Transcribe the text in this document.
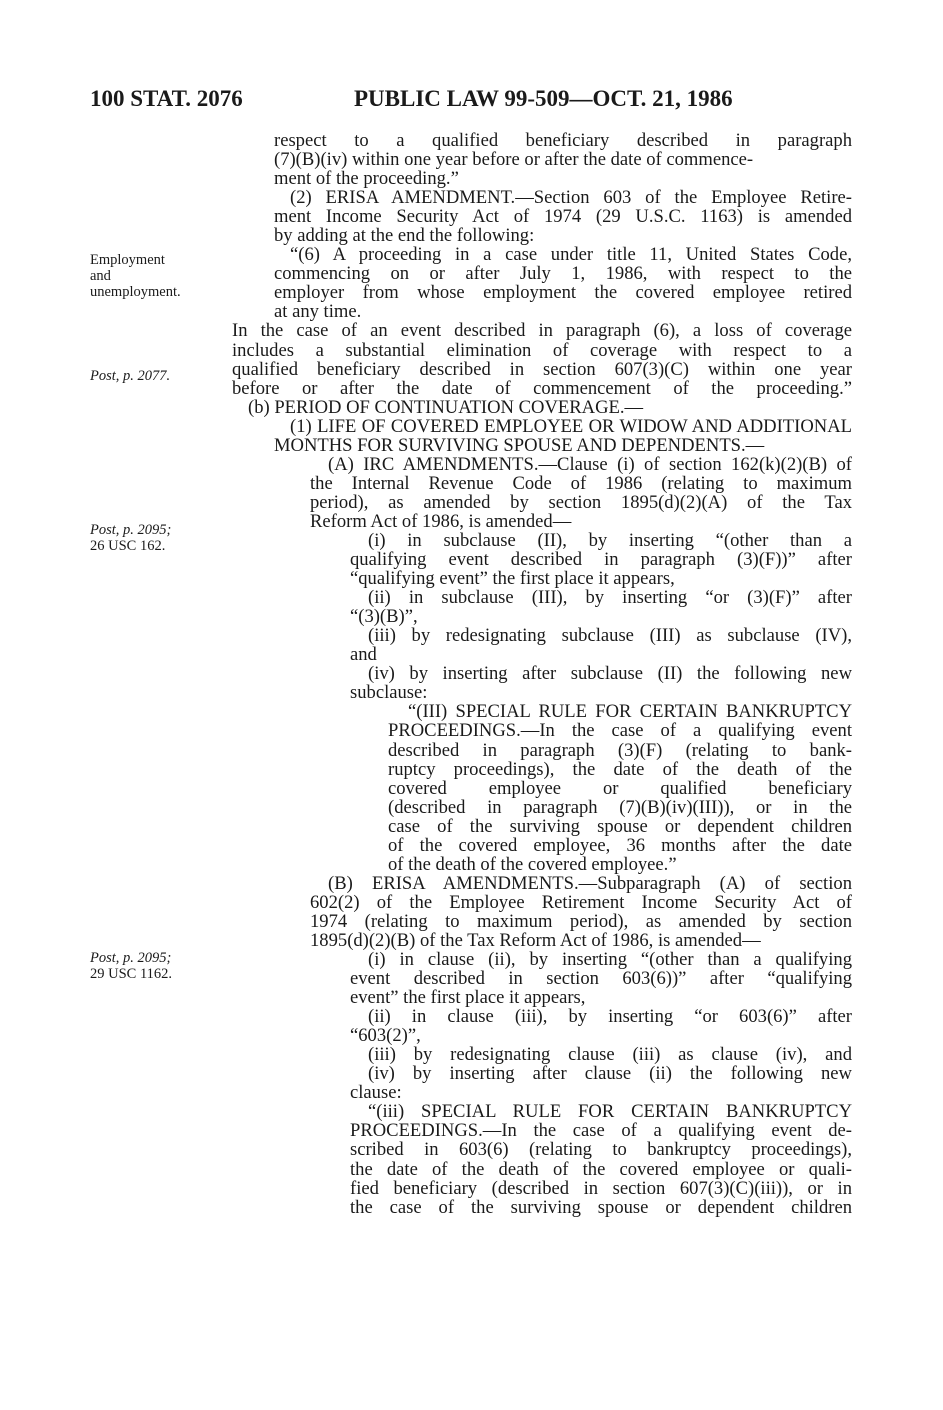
100 STAT. 2076	PUBLIC LAW 99-509—OCT. 21, 1986
Employment
and
unemployment.
Post, p. 2077.
Post, p. 2095;
26 USC 162.
Post, p. 2095;
29 USC 1162.
respect to a qualified beneficiary described in paragraph
(7)(B)(iv) within one year before or after the date of commence-
ment of the proceeding.”
(2) ERISA AMENDMENT.—Section 603 of the Employee Retire-
ment Income Security Act of 1974 (29 U.S.C. 1163) is amended
by adding at the end the following:
“(6) A proceeding in a case under title 11, United States Code,
commencing on or after July 1, 1986, with respect to the
employer from whose employment the covered employee retired
at any time.
In the case of an event described in paragraph (6), a loss of coverage
includes a substantial elimination of coverage with respect to a
qualified beneficiary described in section 607(3)(C) within one year
before or after the date of commencement of the proceeding.”
(b) PERIOD OF CONTINUATION COVERAGE.—
(1) LIFE OF COVERED EMPLOYEE OR WIDOW AND ADDITIONAL
MONTHS FOR SURVIVING SPOUSE AND DEPENDENTS.—
(A) IRC AMENDMENTS.—Clause (i) of section 162(k)(2)(B) of
the Internal Revenue Code of 1986 (relating to maximum
period), as amended by section 1895(d)(2)(A) of the Tax
Reform Act of 1986, is amended—
(i) in subclause (II), by inserting “(other than a
qualifying event described in paragraph (3)(F))” after
“qualifying event” the first place it appears,
(ii) in subclause (III), by inserting “or (3)(F)” after
“(3)(B)”,
(iii) by redesignating subclause (III) as subclause (IV),
and
(iv) by inserting after subclause (II) the following new
subclause:
“(III) SPECIAL RULE FOR CERTAIN BANKRUPTCY
PROCEEDINGS.—In the case of a qualifying event
described in paragraph (3)(F) (relating to bank-
ruptcy proceedings), the date of the death of the
covered employee or qualified beneficiary
(described in paragraph (7)(B)(iv)(III)), or in the
case of the surviving spouse or dependent children
of the covered employee, 36 months after the date
of the death of the covered employee.”
(B) ERISA AMENDMENTS.—Subparagraph (A) of section
602(2) of the Employee Retirement Income Security Act of
1974 (relating to maximum period), as amended by section
1895(d)(2)(B) of the Tax Reform Act of 1986, is amended—
(i) in clause (ii), by inserting “(other than a qualifying
event described in section 603(6))” after “qualifying
event” the first place it appears,
(ii) in clause (iii), by inserting “or 603(6)” after
“603(2)”,
(iii) by redesignating clause (iii) as clause (iv), and
(iv) by inserting after clause (ii) the following new
clause:
“(iii) SPECIAL RULE FOR CERTAIN BANKRUPTCY
PROCEEDINGS.—In the case of a qualifying event de-
scribed in 603(6) (relating to bankruptcy proceedings),
the date of the death of the covered employee or quali-
fied beneficiary (described in section 607(3)(C)(iii)), or in
the case of the surviving spouse or dependent children
